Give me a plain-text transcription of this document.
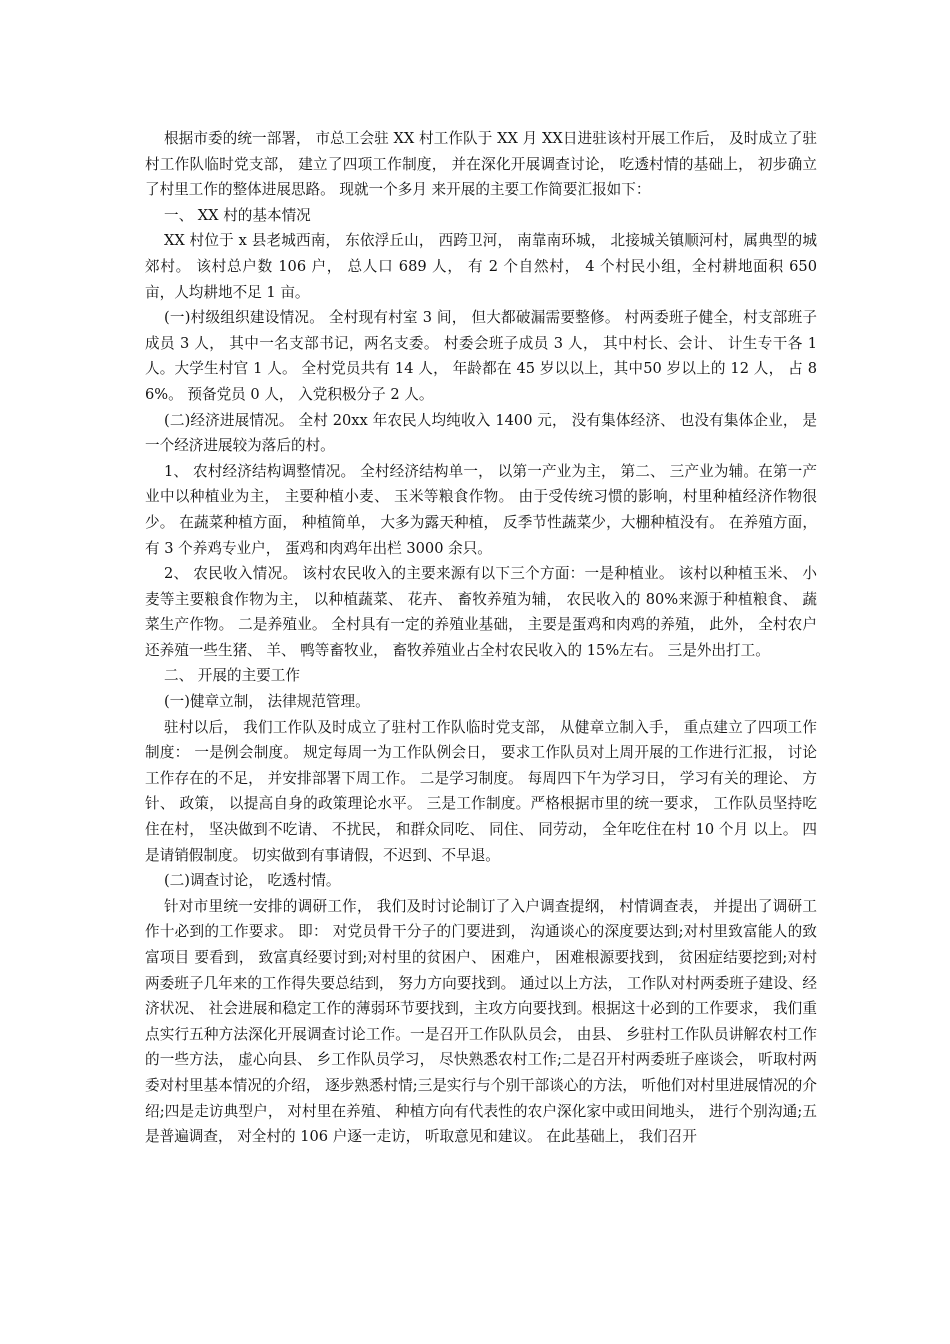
根据市委的统一部署， 市总工会驻 XX 村工作队于 XX 月 XX日进驻该村开展工作后， 及时成立了驻村工作队临时党支部， 建立了四项工作制度， 并在深化开展调查讨论， 吃透村情的基础上， 初步确立了村里工作的整体进展思路。 现就一个多月 来开展的主要工作简要汇报如下：

一、 XX 村的基本情况

XX 村位于 x 县老城西南， 东依浮丘山， 西跨卫河， 南靠南环城， 北接城关镇顺河村，属典型的城郊村。 该村总户数 106 户， 总人口 689 人， 有 2 个自然村， 4 个村民小组，全村耕地面积 650 亩，人均耕地不足 1 亩。

(一)村级组织建设情况。 全村现有村室 3 间， 但大都破漏需要整修。 村两委班子健全，村支部班子成员 3 人， 其中一名支部书记，两名支委。 村委会班子成员 3 人， 其中村长、会计、 计生专干各 1 人。大学生村官 1 人。 全村党员共有 14 人， 年龄都在 45 岁以以上，其中50 岁以上的 12 人， 占 86%。 预备党员 0 人， 入党积极分子 2 人。

(二)经济进展情况。 全村 20xx 年农民人均纯收入 1400 元， 没有集体经济、 也没有集体企业， 是一个经济进展较为落后的村。

1、 农村经济结构调整情况。 全村经济结构单一， 以第一产业为主， 第二、 三产业为辅。在第一产业中以种植业为主， 主要种植小麦、 玉米等粮食作物。 由于受传统习惯的影响，村里种植经济作物很少。 在蔬菜种植方面， 种植简单， 大多为露天种植， 反季节性蔬菜少，大棚种植没有。 在养殖方面， 有 3 个养鸡专业户， 蛋鸡和肉鸡年出栏 3000 余只。

2、 农民收入情况。 该村农民收入的主要来源有以下三个方面：一是种植业。 该村以种植玉米、 小麦等主要粮食作物为主， 以种植蔬菜、 花卉、 畜牧养殖为辅， 农民收入的 80%来源于种植粮食、 蔬菜生产作物。 二是养殖业。 全村具有一定的养殖业基础， 主要是蛋鸡和肉鸡的养殖， 此外， 全村农户还养殖一些生猪、 羊、 鸭等畜牧业， 畜牧养殖业占全村农民收入的 15%左右。 三是外出打工。

二、 开展的主要工作

(一)健章立制， 法律规范管理。

驻村以后， 我们工作队及时成立了驻村工作队临时党支部， 从健章立制入手， 重点建立了四项工作制度： 一是例会制度。 规定每周一为工作队例会日， 要求工作队员对上周开展的工作进行汇报， 讨论工作存在的不足， 并安排部署下周工作。 二是学习制度。 每周四下午为学习日， 学习有关的理论、 方针、 政策， 以提高自身的政策理论水平。 三是工作制度。严格根据市里的统一要求， 工作队员坚持吃住在村， 坚决做到不吃请、 不扰民， 和群众同吃、 同住、 同劳动， 全年吃住在村 10 个月 以上。 四是请销假制度。 切实做到有事请假，不迟到、不早退。

(二)调查讨论， 吃透村情。

针对市里统一安排的调研工作， 我们及时讨论制订了入户调查提纲， 村情调查表， 并提出了调研工作十必到的工作要求。 即： 对党员骨干分子的门要进到， 沟通谈心的深度要达到;对村里致富能人的致富项目 要看到， 致富真经要讨到;对村里的贫困户、 困难户， 困难根源要找到， 贫困症结要挖到;对村两委班子几年来的工作得失要总结到， 努力方向要找到。 通过以上方法， 工作队对村两委班子建设、经济状况、 社会进展和稳定工作的薄弱环节要找到，主攻方向要找到。根据这十必到的工作要求， 我们重点实行五种方法深化开展调查讨论工作。一是召开工作队队员会， 由县、 乡驻村工作队员讲解农村工作的一些方法， 虚心向县、 乡工作队员学习， 尽快熟悉农村工作;二是召开村两委班子座谈会， 听取村两委对村里基本情况的介绍， 逐步熟悉村情;三是实行与个别干部谈心的方法， 听他们对村里进展情况的介绍;四是走访典型户， 对村里在养殖、 种植方向有代表性的农户深化家中或田间地头， 进行个别沟通;五是普遍调查， 对全村的 106 户逐一走访， 听取意见和建议。 在此基础上， 我们召开
